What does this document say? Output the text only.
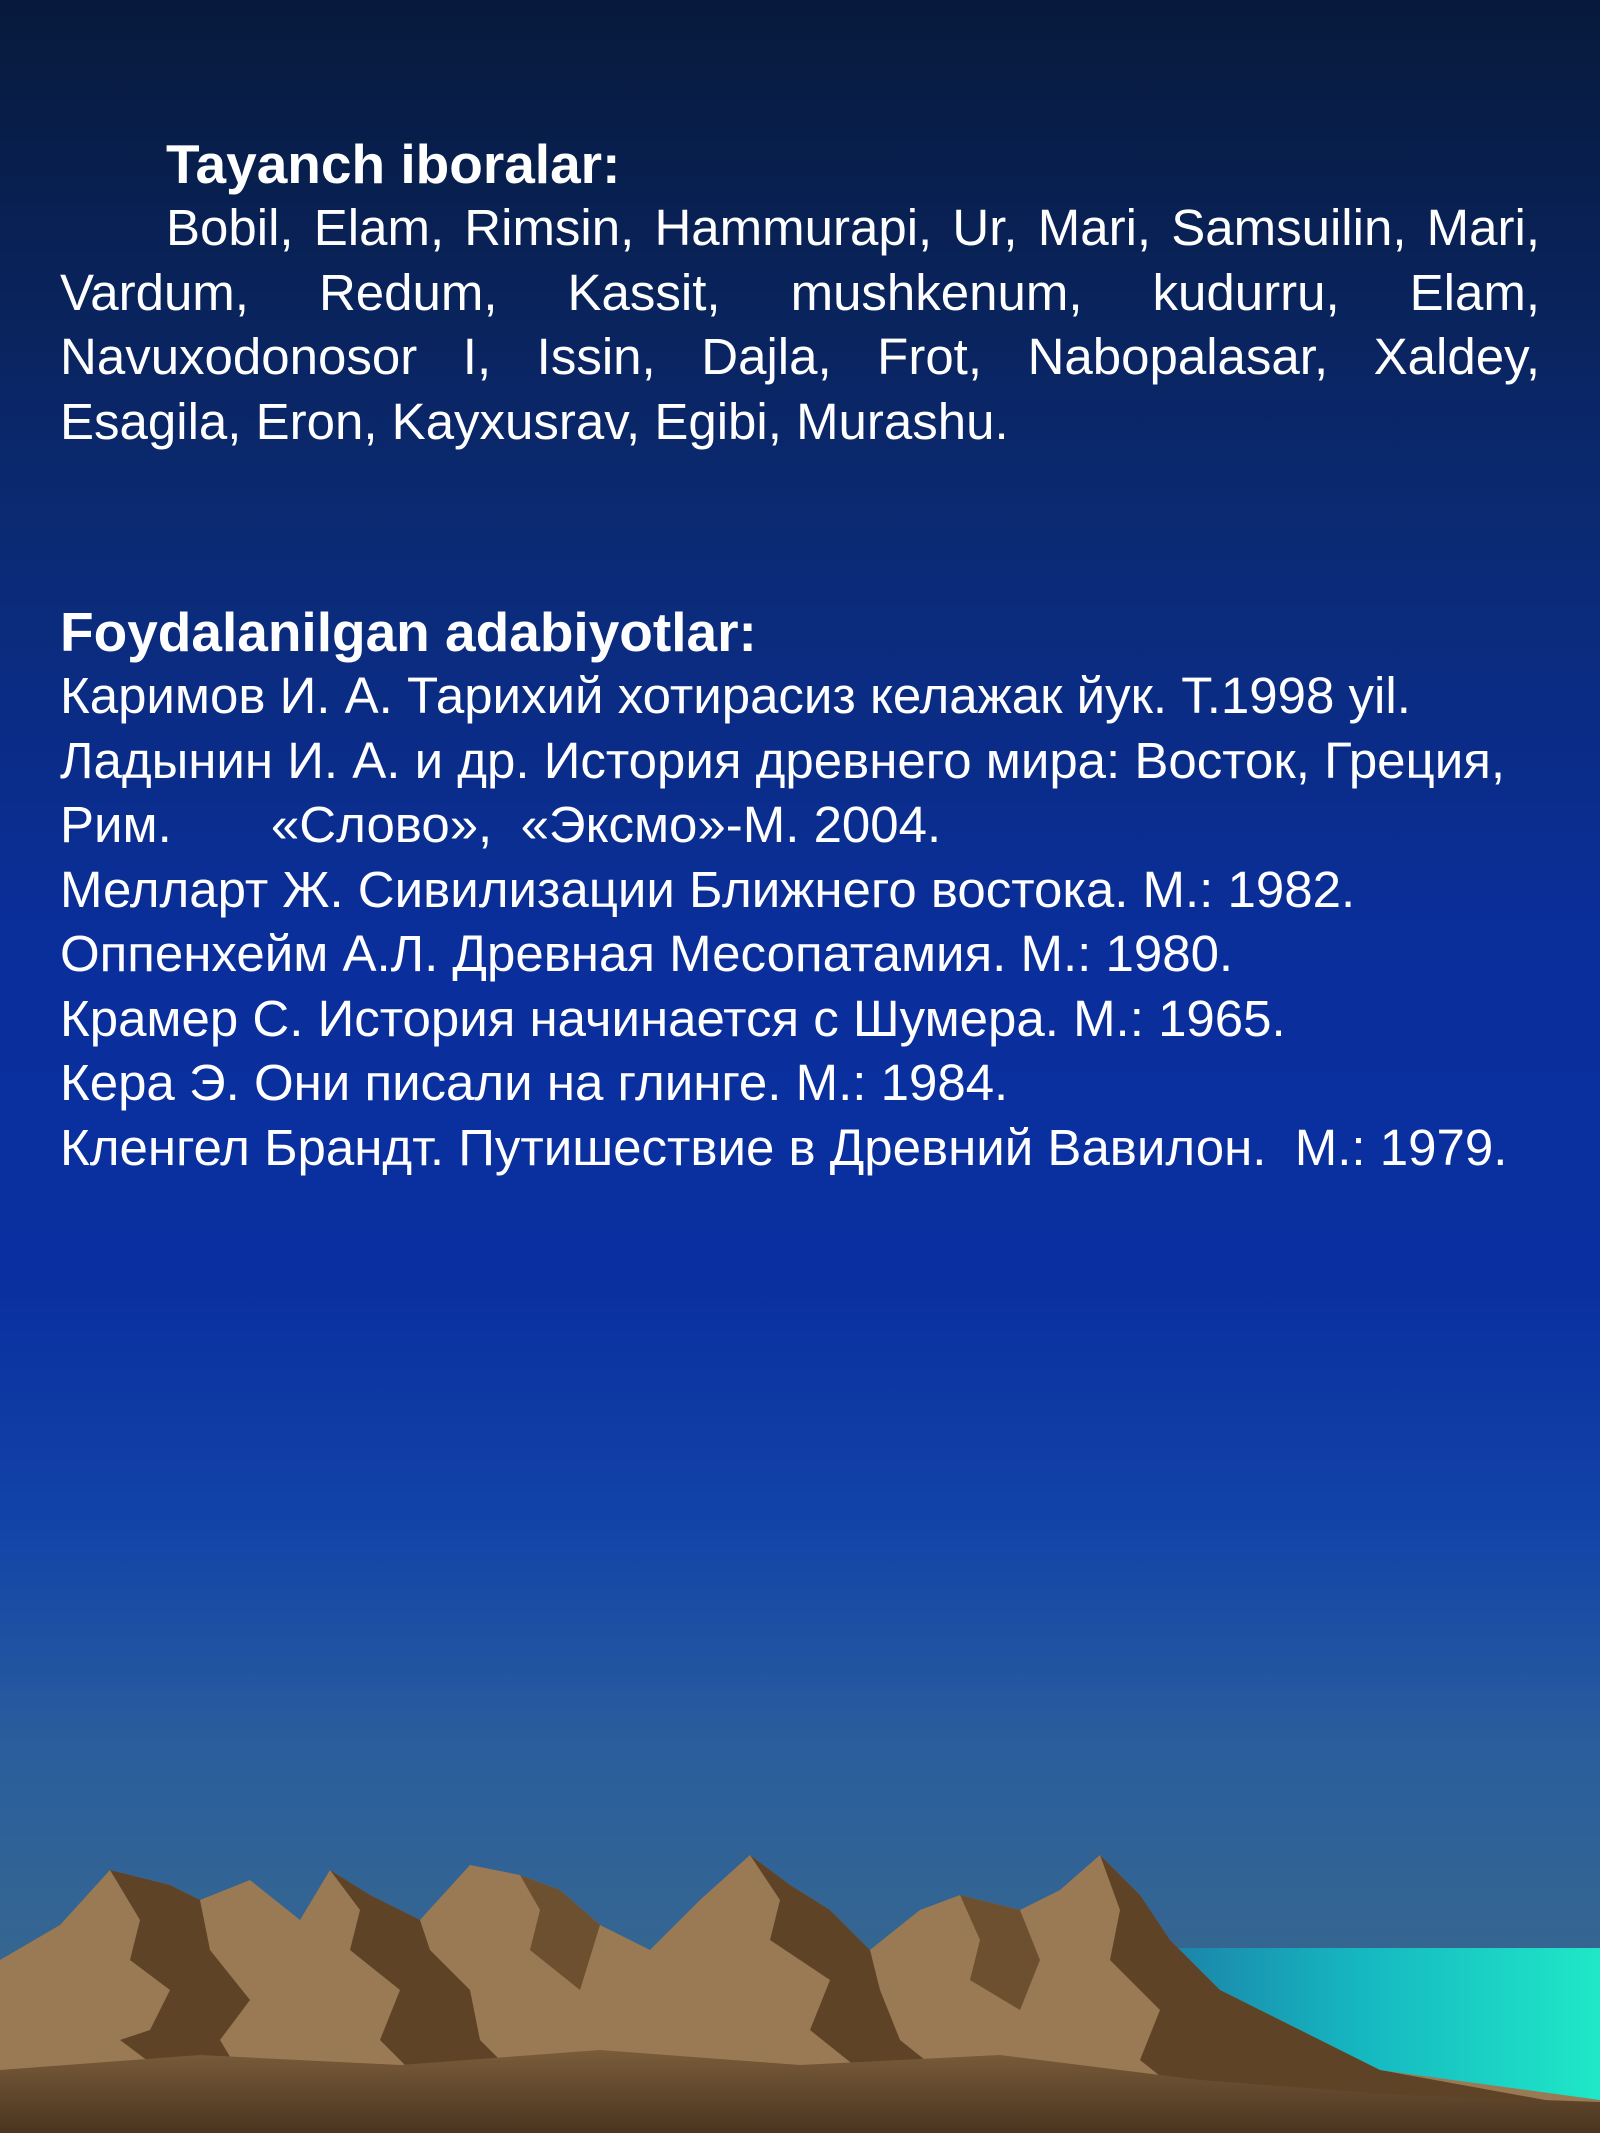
Tayanch iboralar:

Bobil, Elam, Rimsin, Hammurapi, Ur, Mari, Samsuilin, Mari, Vardum, Redum, Kassit, mushkenum, kudurru, Elam, Navuxodonosor I, Issin, Dajla, Frot, Nabopalasar, Xaldey, Esagila, Eron, Kayxusrav, Egibi, Murashu.

Foydalanilgan adabiyotlar:

Каримов И. А. Тарихий хотирасиз келажак йук. Т.1998 yil.
Ладынин И. А. и др. История древнего мира: Восток, Греция, Рим.       «Слово»,  «Эксмо»-М. 2004.
Мелларт Ж. Сивилизации Ближнего востока. М.: 1982.
Оппенхейм А.Л. Древная Месопатамия. М.: 1980.
Крамер С. История начинается с Шумера. М.: 1965.
Кера Э. Они писали на глинге. М.: 1984.
Кленгел Брандт. Путишествие в Древний Вавилон.  М.: 1979.
